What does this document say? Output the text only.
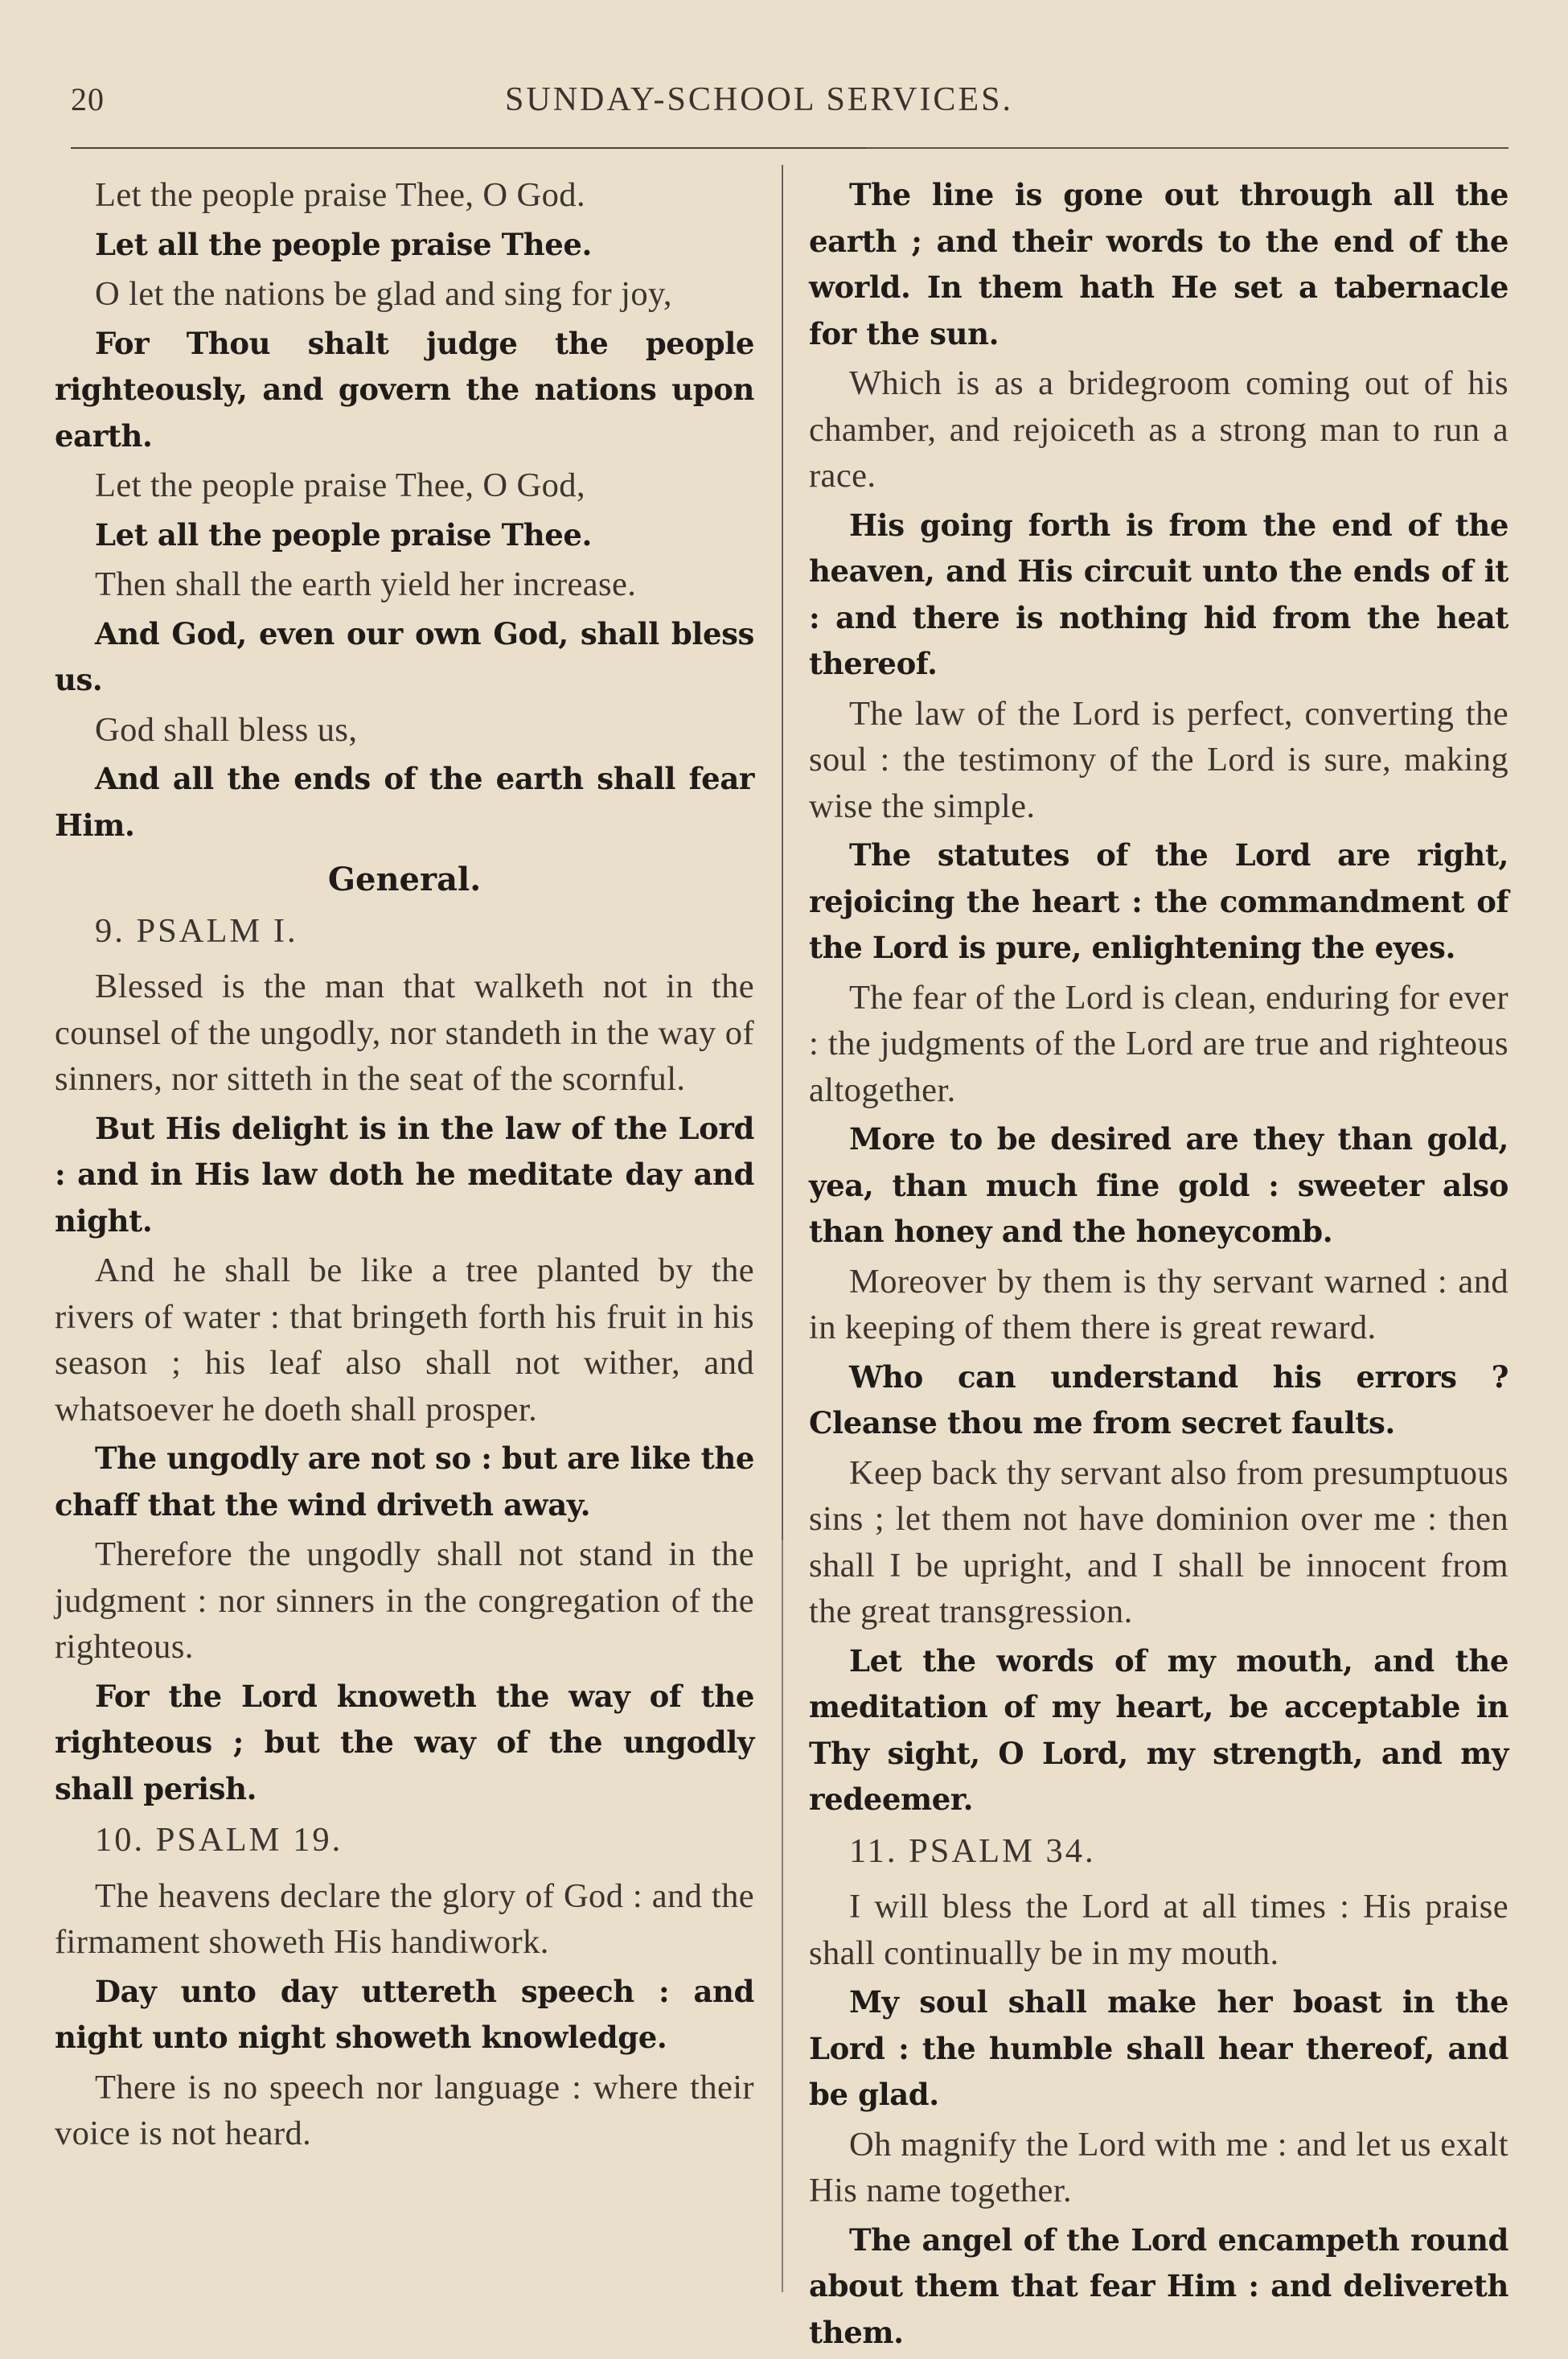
20	SUNDAY-SCHOOL SERVICES.

Let the people praise Thee, O God.

Let all the people praise Thee.

O let the nations be glad and sing for joy,

For Thou shalt judge the people righteously, and govern the nations upon earth.

Let the people praise Thee, O God,

Let all the people praise Thee.

Then shall the earth yield her increase.

And God, even our own God, shall bless us.

God shall bless us,

And all the ends of the earth shall fear Him.

General.

9. PSALM I.

Blessed is the man that walketh not in the counsel of the ungodly, nor standeth in the way of sinners, nor sitteth in the seat of the scornful.

But His delight is in the law of the Lord : and in His law doth he meditate day and night.

And he shall be like a tree planted by the rivers of water : that bringeth forth his fruit in his season ; his leaf also shall not wither, and whatsoever he doeth shall prosper.

The ungodly are not so : but are like the chaff that the wind driveth away.

Therefore the ungodly shall not stand in the judgment : nor sinners in the congregation of the righteous.

For the Lord knoweth the way of the righteous ; but the way of the ungodly shall perish.

10. PSALM 19.

The heavens declare the glory of God : and the firmament showeth His handiwork.

Day unto day uttereth speech : and night unto night showeth knowledge.

There is no speech nor language : where their voice is not heard.

The line is gone out through all the earth ; and their words to the end of the world. In them hath He set a tabernacle for the sun.

Which is as a bridegroom coming out of his chamber, and rejoiceth as a strong man to run a race.

His going forth is from the end of the heaven, and His circuit unto the ends of it : and there is nothing hid from the heat thereof.

The law of the Lord is perfect, converting the soul : the testimony of the Lord is sure, making wise the simple.

The statutes of the Lord are right, rejoicing the heart : the commandment of the Lord is pure, enlightening the eyes.

The fear of the Lord is clean, enduring for ever : the judgments of the Lord are true and righteous altogether.

More to be desired are they than gold, yea, than much fine gold : sweeter also than honey and the honeycomb.

Moreover by them is thy servant warned : and in keeping of them there is great reward.

Who can understand his errors ? Cleanse thou me from secret faults.

Keep back thy servant also from presumptuous sins ; let them not have dominion over me : then shall I be upright, and I shall be innocent from the great transgression.

Let the words of my mouth, and the meditation of my heart, be acceptable in Thy sight, O Lord, my strength, and my redeemer.

11. PSALM 34.

I will bless the Lord at all times : His praise shall continually be in my mouth.

My soul shall make her boast in the Lord : the humble shall hear thereof, and be glad.

Oh magnify the Lord with me : and let us exalt His name together.

The angel of the Lord encampeth round about them that fear Him : and delivereth them.
